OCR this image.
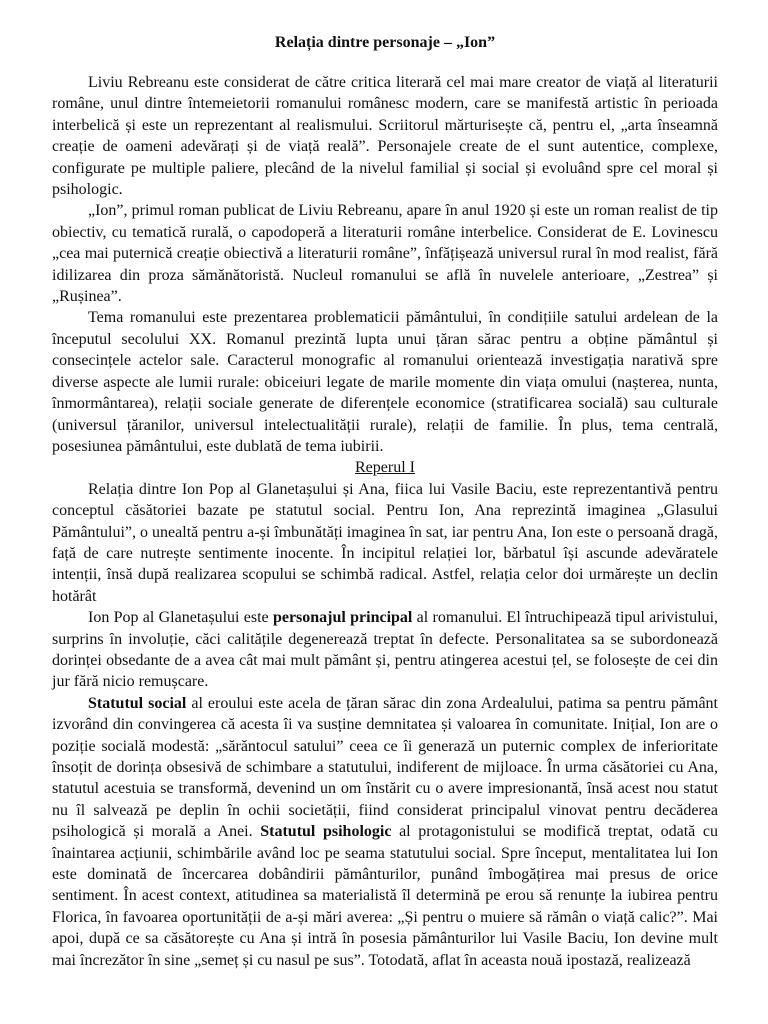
Relația dintre personaje – „Ion”

Liviu Rebreanu este considerat de către critica literară cel mai mare creator de viață al literaturii române, unul dintre întemeietorii romanului românesc modern, care se manifestă artistic în perioada interbelică și este un reprezentant al realismului. Scriitorul mărturisește că, pentru el, „arta înseamnă creație de oameni adevărați și de viață reală”. Personajele create de el sunt autentice, complexe, configurate pe multiple paliere, plecând de la nivelul familial și social și evoluând spre cel moral și psihologic.

„Ion”, primul roman publicat de Liviu Rebreanu, apare în anul 1920 și este un roman realist de tip obiectiv, cu tematică rurală, o capodoperă a literaturii române interbelice. Considerat de E. Lovinescu „cea mai puternică creație obiectivă a literaturii române”, înfățișează universul rural în mod realist, fără idilizarea din proza sămănătoristă. Nucleul romanului se află în nuvelele anterioare, „Zestrea” și „Rușinea”.

Tema romanului este prezentarea problematicii pământului, în condițiile satului ardelean de la începutul secolului XX. Romanul prezintă lupta unui țăran sărac pentru a obține pământul și consecințele actelor sale. Caracterul monografic al romanului orientează investigația narativă spre diverse aspecte ale lumii rurale: obiceiuri legate de marile momente din viața omului (nașterea, nunta, înmormântarea), relații sociale generate de diferențele economice (stratificarea socială) sau culturale (universul țăranilor, universul intelectualității rurale), relații de familie. În plus, tema centrală, posesiunea pământului, este dublată de tema iubirii.

Reperul I

Relația dintre Ion Pop al Glanetașului și Ana, fiica lui Vasile Baciu, este reprezentantivă pentru conceptul căsătoriei bazate pe statutul social. Pentru Ion, Ana reprezintă imaginea „Glasului Pământului”, o unealtă pentru a-și îmbunătăți imaginea în sat, iar pentru Ana, Ion este o persoană dragă, față de care nutrește sentimente inocente. În incipitul relației lor, bărbatul își ascunde adevăratele intenții, însă după realizarea scopului se schimbă radical. Astfel, relația celor doi urmărește un declin hotărât

Ion Pop al Glanetașului este personajul principal al romanului. El întruchipează tipul arivistului, surprins în involuție, căci calitățile degenerează treptat în defecte. Personalitatea sa se subordonează dorinței obsedante de a avea cât mai mult pământ și, pentru atingerea acestui țel, se folosește de cei din jur fără nicio remușcare.

Statutul social al eroului este acela de țăran sărac din zona Ardealului, patima sa pentru pământ izvorând din convingerea că acesta îi va susține demnitatea și valoarea în comunitate. Inițial, Ion are o poziție socială modestă: „sărăntocul satului” ceea ce îi generază un puternic complex de inferioritate însoțit de dorința obsesivă de schimbare a statutului, indiferent de mijloace. În urma căsătoriei cu Ana, statutul acestuia se transformă, devenind un om înstărit cu o avere impresionantă, însă acest nou statut nu îl salvează pe deplin în ochii societății, fiind considerat principalul vinovat pentru decăderea psihologică și morală a Anei. Statutul psihologic al protagonistului se modifică treptat, odată cu înaintarea acțiunii, schimbările având loc pe seama statutului social. Spre început, mentalitatea lui Ion este dominată de încercarea dobândirii pământurilor, punând îmbogățirea mai presus de orice sentiment. În acest context, atitudinea sa materialistă îl determină pe erou să renunțe la iubirea pentru Florica, în favoarea oportunității de a-și mări averea: „Și pentru o muiere să rămân o viață calic?”. Mai apoi, după ce sa căsătorește cu Ana și intră în posesia pământurilor lui Vasile Baciu, Ion devine mult mai încrezător în sine „semeț și cu nasul pe sus”. Totodată, aflat în aceasta nouă ipostază, realizează
